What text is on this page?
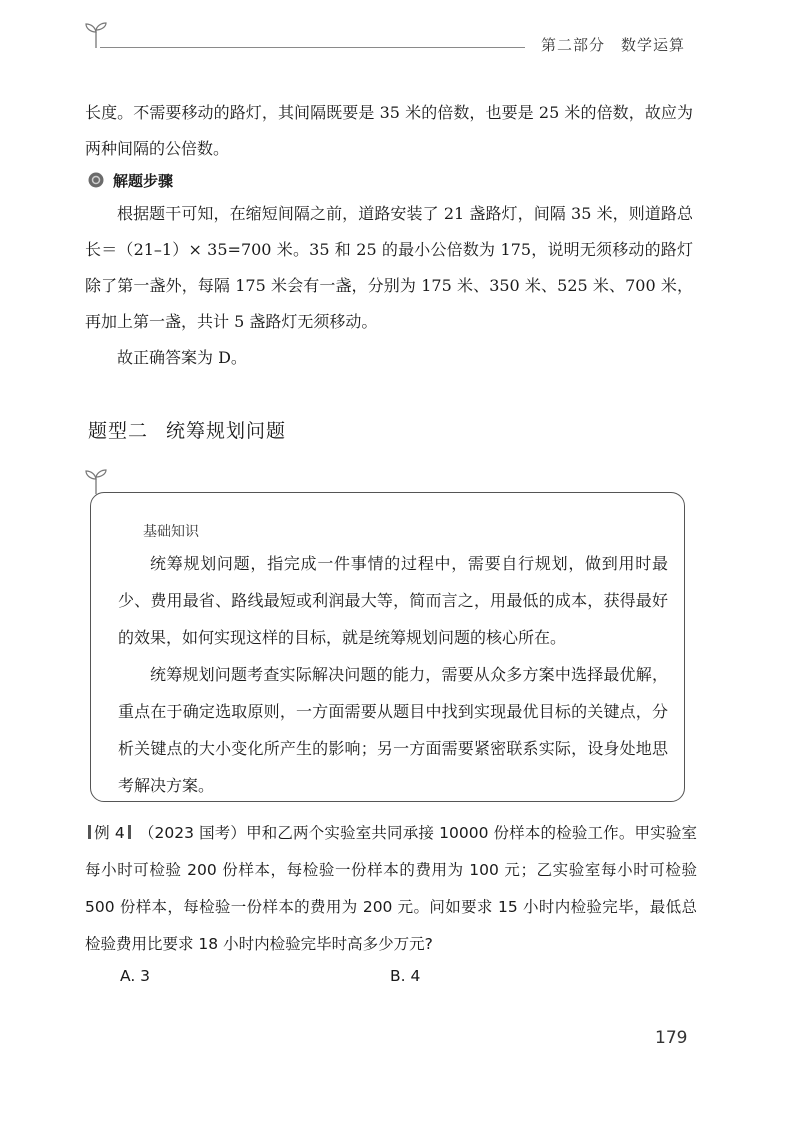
第二部分　数学运算
长度。不需要移动的路灯，其间隔既要是 35 米的倍数，也要是 25 米的倍数，故应为两种间隔的公倍数。
解题步骤
根据题干可知，在缩短间隔之前，道路安装了 21 盏路灯，间隔 35 米，则道路总长＝（21–1）× 35=700 米。35 和 25 的最小公倍数为 175，说明无须移动的路灯除了第一盏外，每隔 175 米会有一盏，分别为 175 米、350 米、525 米、700 米，再加上第一盏，共计 5 盏路灯无须移动。
故正确答案为 D。
题型二 统筹规划问题
基础知识
统筹规划问题，指完成一件事情的过程中，需要自行规划，做到用时最少、费用最省、路线最短或利润最大等，简而言之，用最低的成本，获得最好的效果，如何实现这样的目标，就是统筹规划问题的核心所在。
统筹规划问题考查实际解决问题的能力，需要从众多方案中选择最优解，重点在于确定选取原则，一方面需要从题目中找到实现最优目标的关键点，分析关键点的大小变化所产生的影响；另一方面需要紧密联系实际，设身处地思考解决方案。
例 4 （2023 国考）甲和乙两个实验室共同承接 10000 份样本的检验工作。甲实验室每小时可检验 200 份样本，每检验一份样本的费用为 100 元；乙实验室每小时可检验 500 份样本，每检验一份样本的费用为 200 元。问如要求 15 小时内检验完毕，最低总检验费用比要求 18 小时内检验完毕时高多少万元?
A. 3	B. 4
179
